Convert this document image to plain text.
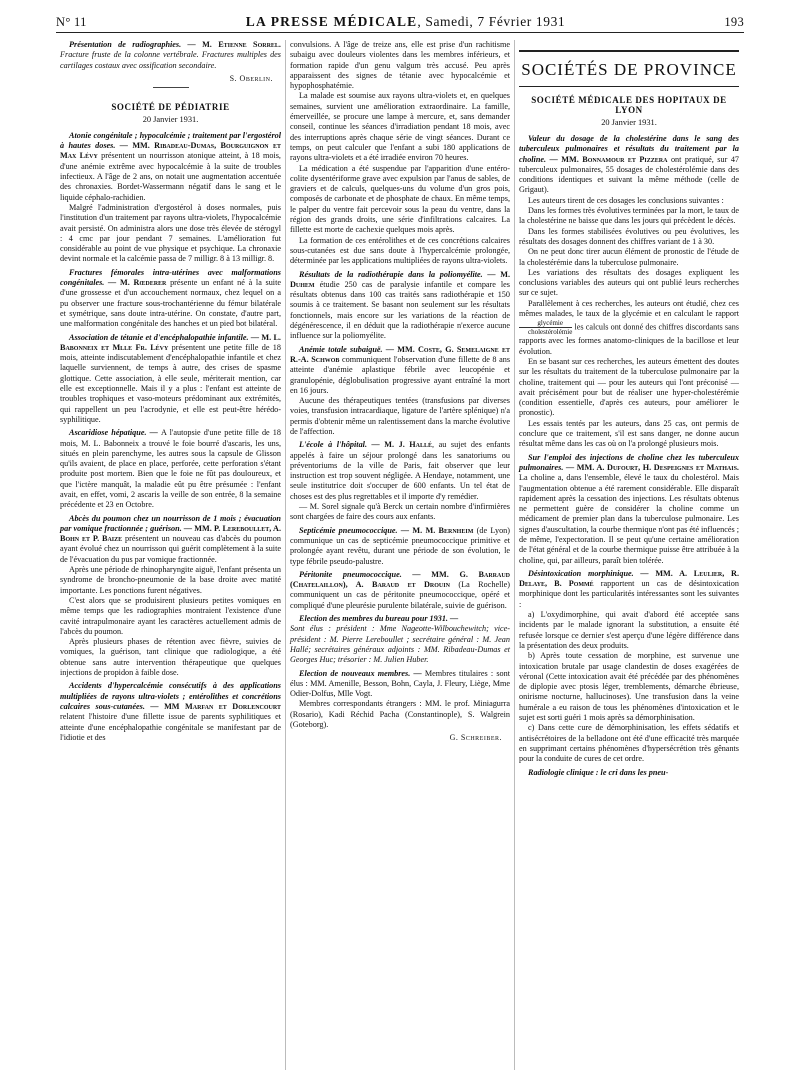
N° 11	LA PRESSE MÉDICALE, Samedi, 7 Février 1931	193

Présentation de radiographies. — M. Etienne Sorrel. Fracture fruste de la colonne vertébrale. Fractures multiples des cartilages costaux avec ossification secondaire.

S. Oberlin.
SOCIÉTÉ DE PÉDIATRIE
20 Janvier 1931.

Atonie congénitale ; hypocalcémie ; traitement par l'ergostérol à hautes doses. — MM. Ribadeau-Dumas, Bourguignon et Max Lévy présentent un nourrisson atonique atteint, à 18 mois, d'une anémie extrême avec hypocalcémie à la suite de troubles infectieux. A l'âge de 2 ans, on notait une augmentation accentuée des chronaxies. Bordet-Wassermann négatif dans le sang et le liquide céphalo-rachidien.

Malgré l'administration d'ergostérol à doses normales, puis l'institution d'un traitement par rayons ultra-violets, l'hypocalcémie avait persisté. On administra alors une dose très élevée de stérogyl : 4 cmc par jour pendant 7 semaines. L'amélioration fut considérable au point de vue physique et psychique. La chronaxie devint normale et la calcémie passa de 7 milligr. 8 à 13 milligr. 8.

Fractures fémorales intra-utérines avec malformations congénitales. — M. Rœderer présente un enfant né à la suite d'une grossesse et d'un accouchement normaux, chez lequel on a pu observer une fracture sous-trochantérienne du fémur bilatérale et symétrique, sans doute intra-utérine. On constate, d'autre part, une malformation congénitale des hanches et un pied bot bilatéral.

Association de tétanie et d'encéphalopathie infantile. — M. L. Babonneix et Mlle Fr. Lévy présentent une petite fille de 18 mois, atteinte indiscutablement d'encéphalopathie infantile et chez laquelle surviennent, de temps à autre, des crises de spasme glottique. Cette association, à elle seule, mériterait mention, car elle est exceptionnelle. Mais il y a plus : l'enfant est atteinte de troubles trophiques et vaso-moteurs prédominant aux extrémités, qui rappellent un peu l'acrodynie, et elle est peut-être hérédo-syphilitique.

Ascaridiose hépatique. — A l'autopsie d'une petite fille de 18 mois, M. L. Babonneix a trouvé le foie bourré d'ascaris, les uns, situés en plein parenchyme, les autres sous la capsule de Glisson qu'ils avaient, de place en place, perforée, cette perforation s'étant produite post mortem. Bien que le foie ne fût pas douloureux, et que l'ictère manquât, la maladie eût pu être présumée : l'enfant avait, en effet, vomi, 2 ascaris la veille de son entrée, 8 la semaine précédente et 23 en Octobre.

Abcès du poumon chez un nourrisson de 1 mois ; évacuation par vomique fractionnée ; guérison. — MM. P. Lereboullet, A. Bohn et P. Baize présentent un nouveau cas d'abcès du poumon ayant évolué chez un nourrisson qui guérit complètement à la suite de l'évacuation du pus par vomique fractionnée.

Après une période de rhinopharyngite aiguë, l'enfant présenta un syndrome de broncho-pneumonie de la base droite avec matité importante. Les ponctions furent négatives.

C'est alors que se produisirent plusieurs petites vomiques en même temps que les radiographies montraient l'existence d'une cavité intrapulmonaire ayant les caractères actuellement admis de l'abcès du poumon.

Après plusieurs phases de rétention avec fièvre, suivies de vomiques, la guérison, tant clinique que radiologique, a été obtenue sans autre intervention thérapeutique que quelques injections de propidon à faible dose.

Accidents d'hypercalcémie consécutifs à des applications multipliées de rayons ultra-violets ; entérolithes et concrétions calcaires sous-cutanées. — MM Marfan et Dorlencourt relatent l'histoire d'une fillette issue de parents syphilitiques et atteinte d'une encéphalopathie congénitale se manifestant par de l'idiotie et des

convulsions. A l'âge de treize ans, elle est prise d'un rachitisme subaigu avec douleurs violentes dans les membres inférieurs, et formation rapide d'un genu valgum très accusé. Peu après apparaissent des signes de tétanie avec hypocalcémie et hypophosphatémie.

La malade est soumise aux rayons ultra-violets et, en quelques semaines, survient une amélioration extraordinaire. La famille, émerveillée, se procure une lampe à mercure, et, sans demander conseil, continue les séances d'irradiation pendant 18 mois, avec des interruptions après chaque série de vingt séances. Durant ce temps, on peut calculer que l'enfant a subi 180 applications de rayons ultra-violets et a été irradiée environ 70 heures.

La médication a été suspendue par l'apparition d'une entéro-colite dysentériforme grave avec expulsion par l'anus de sables, de graviers et de calculs, quelques-uns du volume d'un gros pois, composés de carbonate et de phosphate de chaux. En même temps, le palper du ventre fait percevoir sous la peau du ventre, dans la région des grands droits, une série d'infiltrations calcaires. La fillette est morte de cachexie quelques mois après.

La formation de ces entérolithes et de ces concrétions calcaires sous-cutanées est due sans doute à l'hypercalcémie prolongée, déterminée par les applications multipliées de rayons ultra-violets.

Résultats de la radiothérapie dans la poliomyélite. — M. Duhem étudie 250 cas de paralysie infantile et compare les résultats obtenus dans 100 cas traités sans radiothérapie et 150 soumis à ce traitement. Se basant non seulement sur les résultats fonctionnels, mais encore sur les variations de la réaction de dégénérescence, il en déduit que la radiothérapie n'exerce aucune influence sur la poliomyélite.

Anémie totale subaiguë. — MM. Coste, G. Semelaigne et R.-A. Schwob communiquent l'observation d'une fillette de 8 ans atteinte d'anémie aplastique fébrile avec leucopénie et granulopénie, déglobulisation progressive ayant entraîné la mort en 16 jours.

Aucune des thérapeutiques tentées (transfusions par diverses voies, transfusion intracardiaque, ligature de l'artère splénique) n'a permis d'obtenir même un ralentissement dans la marche évolutive de l'affection.

L'école à l'hôpital. — M. J. Hallé, au sujet des enfants appelés à faire un séjour prolongé dans les sanatoriums ou préventoriums de la ville de Paris, fait observer que leur instruction est trop souvent négligée. A Hendaye, notamment, une seule institutrice doit s'occuper de 600 enfants. Un tel état de choses est des plus regrettables et il importe d'y remédier.

— M. Sorel signale qu'à Berck un certain nombre d'infirmières sont chargées de faire des cours aux enfants.

Septicémie pneumococcique. — M. M. Bernheim (de Lyon) communique un cas de septicémie pneumococcique primitive et prolongée ayant revêtu, durant une période de son évolution, le type fébrile pseudo-palustre.

Péritonite pneumococcique. — MM. G. Barraud (Chatelaillon), A. Baraud et Drouin (La Rochelle) communiquent un cas de péritonite pneumococcique, opéré et compliqué d'une pleurésie purulente bilatérale, suivie de guérison.

Election des membres du bureau pour 1931. —

Sont élus : président : Mme Nageotte-Wilbouchewitch; vice-président : M. Pierre Lereboullet ; secrétaire général : M. Jean Hallé; secrétaires généraux adjoints : MM. Ribadeau-Dumas et Georges Huc; trésorier : M. Julien Huber.

Election de nouveaux membres. — Membres titulaires : sont élus : MM. Amenille, Besson, Bohn, Cayla, J. Fleury, Liège, Mme Odier-Dolfus, Mlle Vogt.

Membres correspondants étrangers : MM. le prof. Miniagurra (Rosario), Kadi Réchid Pacha (Constantinople), S. Walgrein (Goteborg).

G. Schreiber.
SOCIÉTÉS DE PROVINCE
SOCIÉTÉ MÉDICALE DES HOPITAUX DE LYON
20 Janvier 1931.

Valeur du dosage de la cholestérine dans le sang des tuberculeux pulmonaires et résultats du traitement par la choline. — MM. Bonnamour et Pizzera ont pratiqué, sur 47 tuberculeux pulmonaires, 55 dosages de cholestérolémie dans des conditions identiques et suivant la même méthode (celle de Grigaut).

Les auteurs tirent de ces dosages les conclusions suivantes :

Dans les formes très évolutives terminées par la mort, le taux de la cholestérine ne baisse que dans les jours qui précèdent le décès.

Dans les formes stabilisées évolutives ou peu évolutives, les résultats des dosages donnent des chiffres variant de 1 à 30.

On ne peut donc tirer aucun élément de pronostic de l'étude de la cholestérémie dans la tuberculose pulmonaire.

Les variations des résultats des dosages expliquent les conclusions variables des auteurs qui ont publié leurs recherches sur ce sujet.

Parallèlement à ces recherches, les auteurs ont étudié, chez ces mêmes malades, le taux de la glycémie et en calculant le rapport
$\frac{\text{glycémie}}{\text{cholestérolémie}}$ les calculs ont donné des chiffres discordants sans rapports avec les formes anatomo-cliniques de la bacillose et leur évolution.

En se basant sur ces recherches, les auteurs émettent des doutes sur les résultats du traitement de la tuberculose pulmonaire par la choline, traitement qui — pour les auteurs qui l'ont préconisé — avait précisément pour but de réaliser une hyper-cholestérémie (condition essentielle, d'après ces auteurs, pour améliorer le pronostic).

Les essais tentés par les auteurs, dans 25 cas, ont permis de conclure que ce traitement, s'il est sans danger, ne donne aucun résultat même dans les cas où on l'a prolongé plusieurs mois.

Sur l'emploi des injections de choline chez les tuberculeux pulmonaires. — MM. A. Dufourt, H. Despeignes et Mathais. La choline a, dans l'ensemble, élevé le taux du cholestérol. Mais l'augmentation obtenue a été rarement considérable. Elle disparaît rapidement après la cessation des injections. Les résultats obtenus ne permettent guère de considérer la choline comme un médicament de premier plan dans la tuberculose pulmonaire. Les signes d'auscultation, la courbe thermique n'ont pas été influencés ; de même, l'expectoration. Il se peut qu'une certaine amélioration de l'état général et de la courbe thermique puisse être attribuée à la choline, qui, par ailleurs, paraît bien tolérée.

Désintoxication morphinique. — MM. A. Leulier, R. Delaye, B. Pommé rapportent un cas de désintoxication morphinique dont les particularités intéressantes sont les suivantes :

a) L'oxydimorphine, qui avait d'abord été acceptée sans incidents par le malade ignorant la substitution, a ensuite été refusée lorsque ce dernier s'est aperçu d'une légère différence dans la présentation des deux produits.

b) Après toute cessation de morphine, est survenue une intoxication brutale par usage clandestin de doses exagérées de véronal (Cette intoxication avait été précédée par des phénomènes de diplopie avec ptosis léger, tremblements, démarche ébrieuse, onirisme nocturne, hallucinoses). Une transfusion dans la veine humérale a eu raison de tous les phénomènes d'intoxication et le sujet est sorti guéri 1 mois après sa démorphinisation.

c) Dans cette cure de démorphinisation, les effets sédatifs et antisécrétoires de la belladone ont été d'une efficacité très marquée en supprimant certains phénomènes d'hypersécrétion très gênants pour la conduite de cures de cet ordre.

Radiologie clinique : le cri dans les pneu-
